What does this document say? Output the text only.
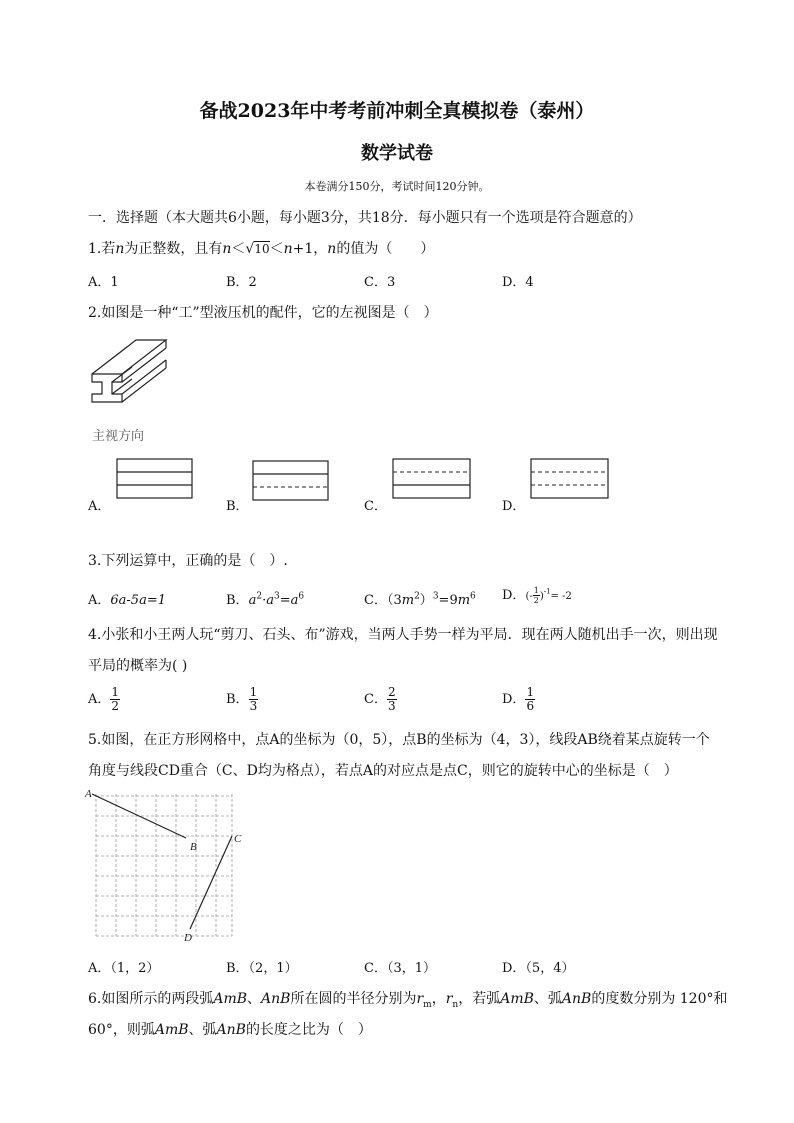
备战2023年中考考前冲刺全真模拟卷（泰州）
数学试卷
本卷满分150分，考试时间120分钟。
一．选择题（本大题共6小题，每小题3分，共18分．每小题只有一个选项是符合题意的）
1.若n为正整数，且有n＜√10＜n+1，n的值为（　　）
A．1	B．2	C．3	D．4
2.如图是一种“工”型液压机的配件，它的左视图是（　）
主视方向
A．	B．	C．	D．
3.下列运算中，正确的是（　）.
A．6a-5a=1	B．$a^2\cdot a^3=a^6$	C．$(3m^2)^3=9m^6$ D．(- $\frac{1}{2} )^{-1}= -2$
4.小张和小王两人玩“剪刀、石头、布”游戏，当两人手势一样为平局．现在两人随机出手一次，则出现
平局的概率为( )
A． $\frac{1}{2}$	B． $\frac{1}{3}$	C． $\frac{2}{3}$	D． $\frac{1}{6}$
5.如图，在正方形网格中，点A的坐标为（0，5），点B的坐标为（4，3），线段AB绕着某点旋转一个
角度与线段CD重合（C、D均为格点），若点A的对应点是点C，则它的旋转中心的坐标是（　）
A
B
C
D
A．（1，2）	B．（2，1）	C．（3，1）	D．（5，4）
6.如图所示的两段弧AmB、AnB所在圆的半径分别为$r_m$，$r_n$，若弧AmB、弧AnB的度数分别为 120°和
60°，则弧AmB、弧AnB的长度之比为（　）
